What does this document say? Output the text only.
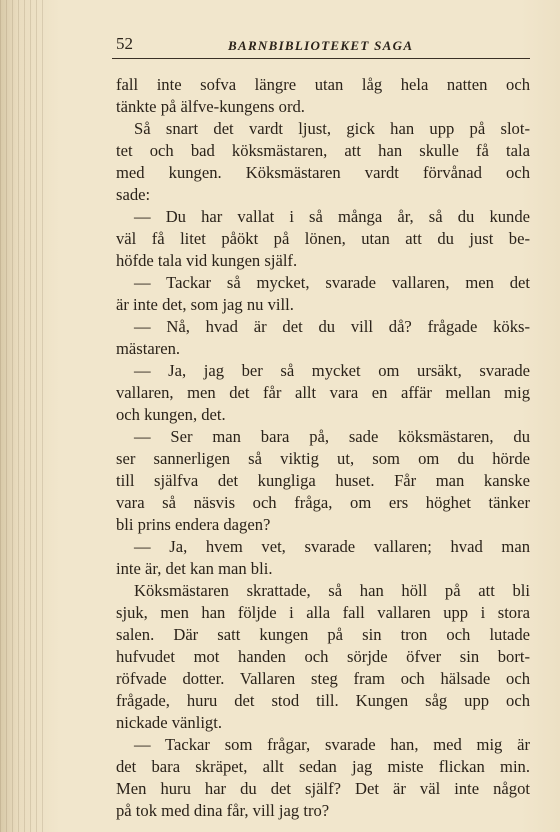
52	BARNBIBLIOTEKET SAGA
fall inte sofva längre utan låg hela natten och
tänkte på älfve-kungens ord.
Så snart det vardt ljust, gick han upp på slot-
tet och bad köksmästaren, att han skulle få tala
med kungen. Köksmästaren vardt förvånad och
sade:
— Du har vallat i så många år, så du kunde
väl få litet påökt på lönen, utan att du just be-
höfde tala vid kungen själf.
— Tackar så mycket, svarade vallaren, men det
är inte det, som jag nu vill.
— Nå, hvad är det du vill då? frågade köks-
mästaren.
— Ja, jag ber så mycket om ursäkt, svarade
vallaren, men det får allt vara en affär mellan mig
och kungen, det.
— Ser man bara på, sade köksmästaren, du
ser sannerligen så viktig ut, som om du hörde
till själfva det kungliga huset. Får man kanske
vara så näsvis och fråga, om ers höghet tänker
bli prins endera dagen?
— Ja, hvem vet, svarade vallaren; hvad man
inte är, det kan man bli.
Köksmästaren skrattade, så han höll på att bli
sjuk, men han följde i alla fall vallaren upp i stora
salen. Där satt kungen på sin tron och lutade
hufvudet mot handen och sörjde öfver sin bort-
röfvade dotter. Vallaren steg fram och hälsade och
frågade, huru det stod till. Kungen såg upp och
nickade vänligt.
— Tackar som frågar, svarade han, med mig är
det bara skräpet, allt sedan jag miste flickan min.
Men huru har du det själf? Det är väl inte något
på tok med dina får, vill jag tro?
